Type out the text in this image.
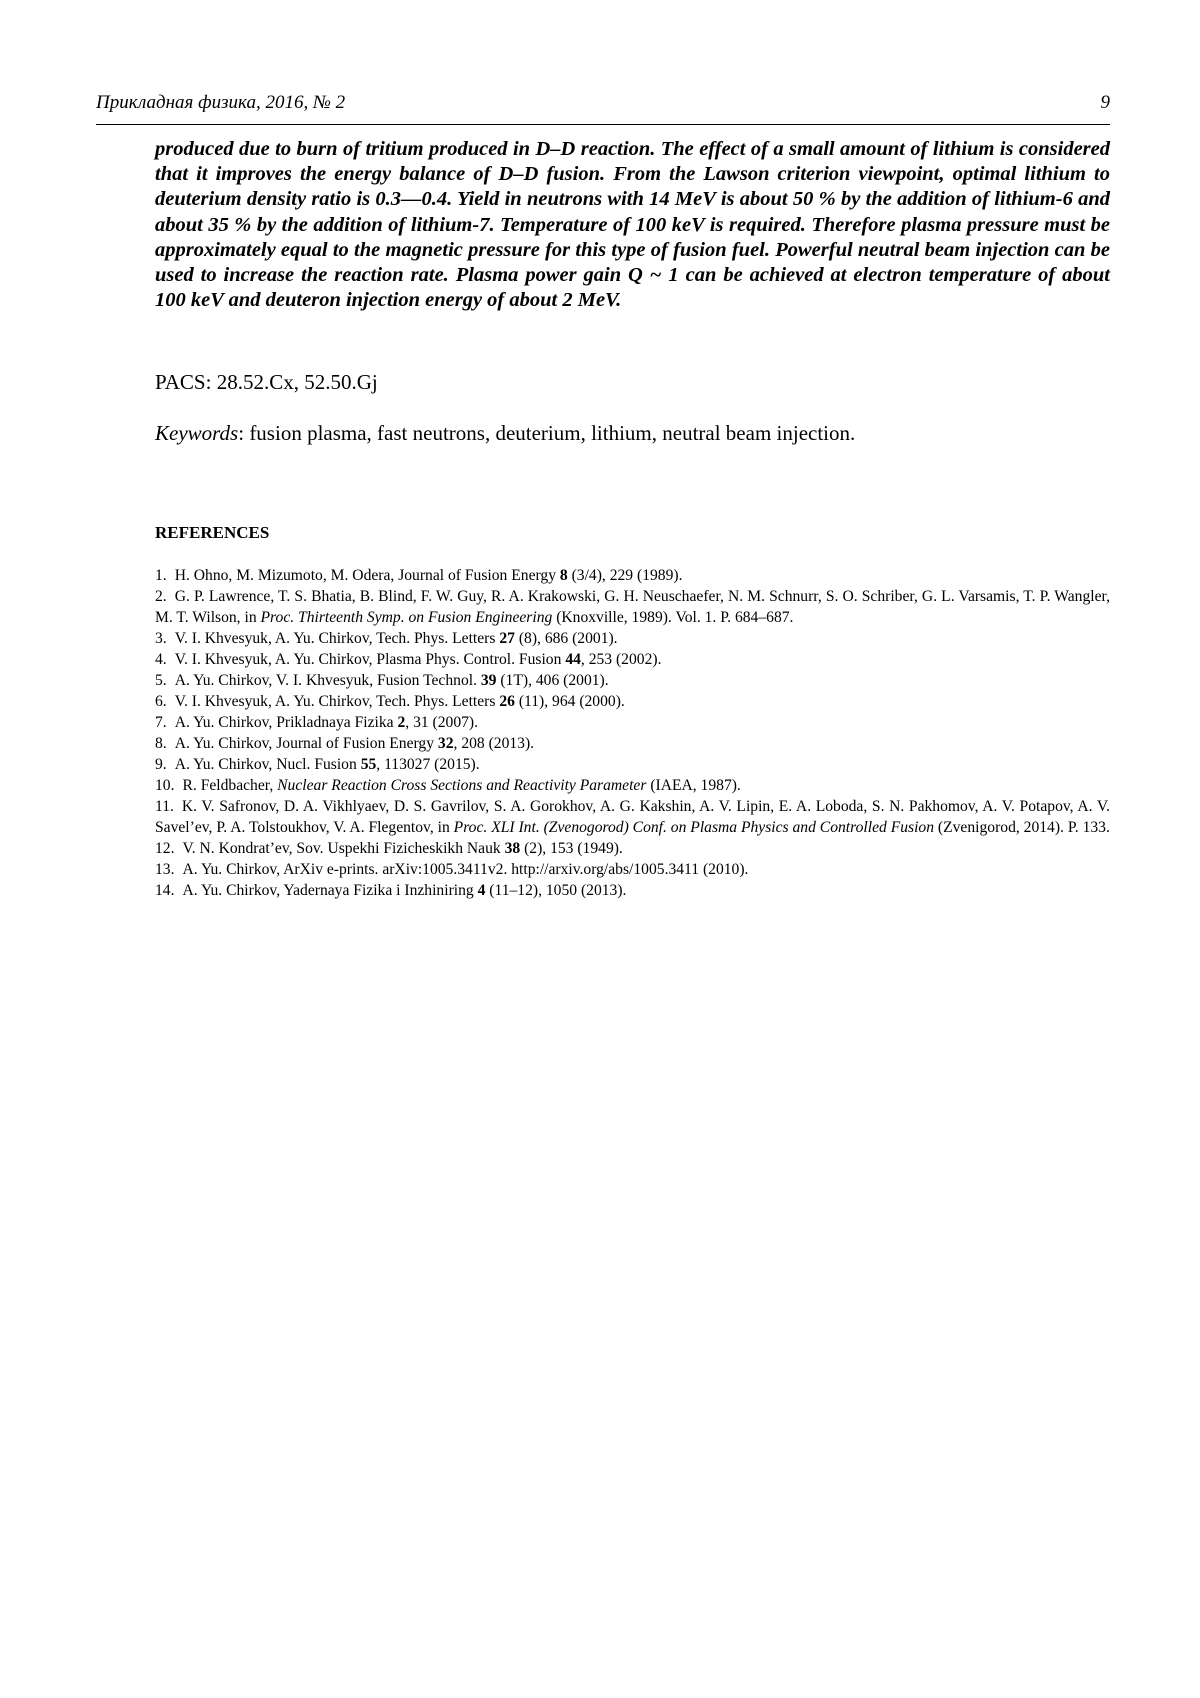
Прикладная физика, 2016, № 2	9

produced due to burn of tritium produced in D–D reaction. The effect of a small amount of lithium is considered that it improves the energy balance of D–D fusion. From the Lawson criterion viewpoint, optimal lithium to deuterium density ratio is 0.3—0.4. Yield in neutrons with 14 MeV is about 50 % by the addition of lithium-6 and about 35 % by the addition of lithium-7. Temperature of 100 keV is required. Therefore plasma pressure must be approximately equal to the magnetic pressure for this type of fusion fuel. Powerful neutral beam injection can be used to increase the reaction rate. Plasma power gain Q ~ 1 can be achieved at electron temperature of about 100 keV and deuteron injection energy of about 2 MeV.

PACS: 28.52.Cx, 52.50.Gj
Keywords: fusion plasma, fast neutrons, deuterium, lithium, neutral beam injection.
REFERENCES
1. H. Ohno, M. Mizumoto, M. Odera, Journal of Fusion Energy 8 (3/4), 229 (1989).
2. G. P. Lawrence, T. S. Bhatia, B. Blind, F. W. Guy, R. A. Krakowski, G. H. Neuschaefer, N. M. Schnurr, S. O. Schriber, G. L. Varsamis, T. P. Wangler, M. T. Wilson, in Proc. Thirteenth Symp. on Fusion Engineering (Knoxville, 1989). Vol. 1. P. 684–687.
3. V. I. Khvesyuk, A. Yu. Chirkov, Tech. Phys. Letters 27 (8), 686 (2001).
4. V. I. Khvesyuk, A. Yu. Chirkov, Plasma Phys. Control. Fusion 44, 253 (2002).
5. A. Yu. Chirkov, V. I. Khvesyuk, Fusion Technol. 39 (1T), 406 (2001).
6. V. I. Khvesyuk, A. Yu. Chirkov, Tech. Phys. Letters 26 (11), 964 (2000).
7. A. Yu. Chirkov, Prikladnaya Fizika 2, 31 (2007).
8. A. Yu. Chirkov, Journal of Fusion Energy 32, 208 (2013).
9. A. Yu. Chirkov, Nucl. Fusion 55, 113027 (2015).
10. R. Feldbacher, Nuclear Reaction Cross Sections and Reactivity Parameter (IAEA, 1987).
11. K. V. Safronov, D. A. Vikhlyaev, D. S. Gavrilov, S. A. Gorokhov, A. G. Kakshin, A. V. Lipin, E. A. Loboda, S. N. Pakhomov, A. V. Potapov, A. V. Savel’ev, P. A. Tolstoukhov, V. A. Flegentov, in Proc. XLI Int. (Zvenogorod) Conf. on Plasma Physics and Controlled Fusion (Zvenigorod, 2014). P. 133.
12. V. N. Kondrat’ev, Sov. Uspekhi Fizicheskikh Nauk 38 (2), 153 (1949).
13. A. Yu. Chirkov, ArXiv e-prints. arXiv:1005.3411v2. http://arxiv.org/abs/1005.3411 (2010).
14. A. Yu. Chirkov, Yadernaya Fizika i Inzhiniring 4 (11–12), 1050 (2013).
